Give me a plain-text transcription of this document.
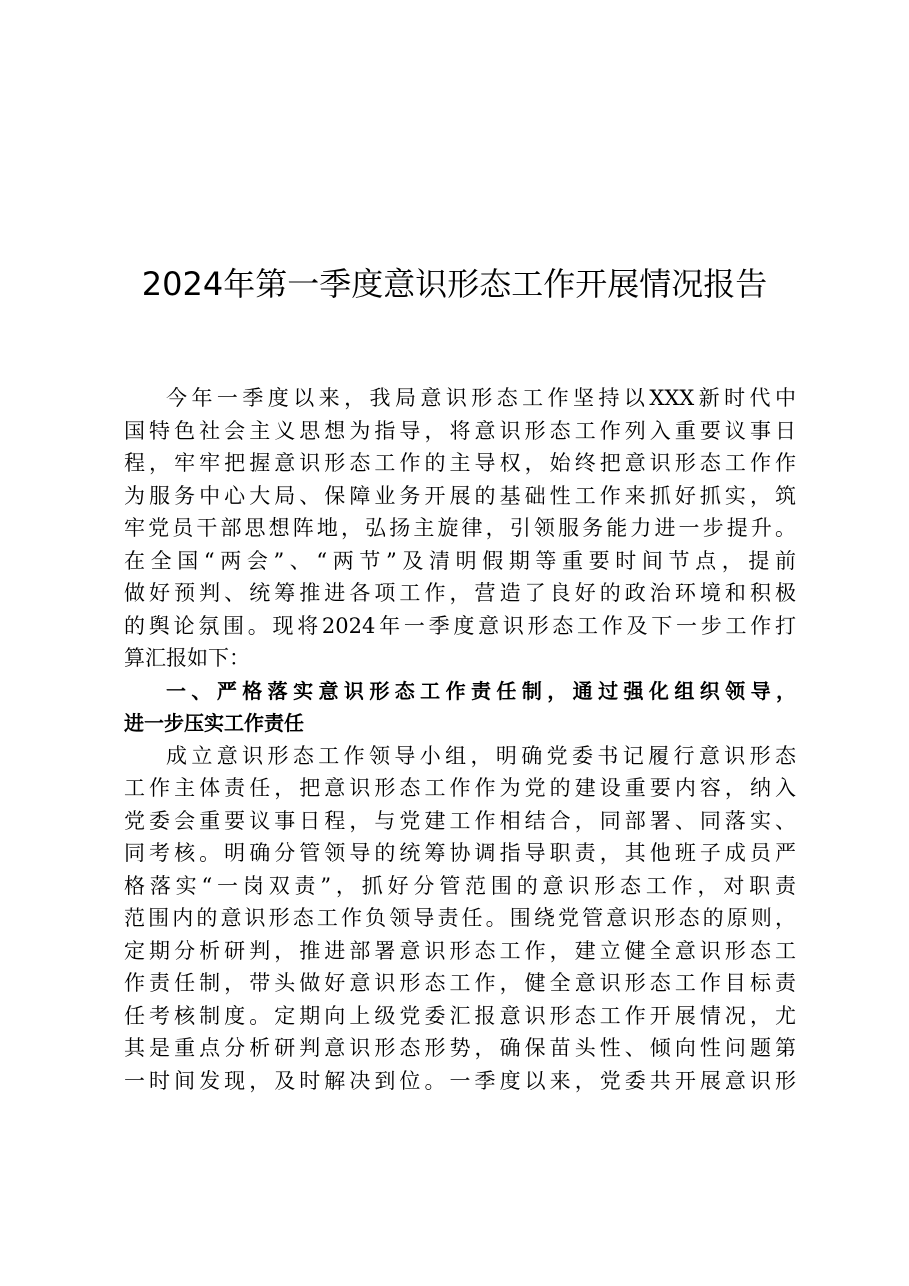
2024年第一季度意识形态工作开展情况报告
今年一季度以来，我局意识形态工作坚持以XXX新时代中
国特色社会主义思想为指导，将意识形态工作列入重要议事日
程，牢牢把握意识形态工作的主导权，始终把意识形态工作作
为服务中心大局、保障业务开展的基础性工作来抓好抓实，筑
牢党员干部思想阵地，弘扬主旋律，引领服务能力进一步提升。
在全国“两会”、“两节”及清明假期等重要时间节点，提前
做好预判、统筹推进各项工作，营造了良好的政治环境和积极
的舆论氛围。现将2024年一季度意识形态工作及下一步工作打
算汇报如下：
一、严格落实意识形态工作责任制，通过强化组织领导，
进一步压实工作责任
成立意识形态工作领导小组，明确党委书记履行意识形态
工作主体责任，把意识形态工作作为党的建设重要内容，纳入
党委会重要议事日程，与党建工作相结合，同部署、同落实、
同考核。明确分管领导的统筹协调指导职责，其他班子成员严
格落实“一岗双责”，抓好分管范围的意识形态工作，对职责
范围内的意识形态工作负领导责任。围绕党管意识形态的原则，
定期分析研判，推进部署意识形态工作，建立健全意识形态工
作责任制，带头做好意识形态工作，健全意识形态工作目标责
任考核制度。定期向上级党委汇报意识形态工作开展情况，尤
其是重点分析研判意识形态形势，确保苗头性、倾向性问题第
一时间发现，及时解决到位。一季度以来，党委共开展意识形
